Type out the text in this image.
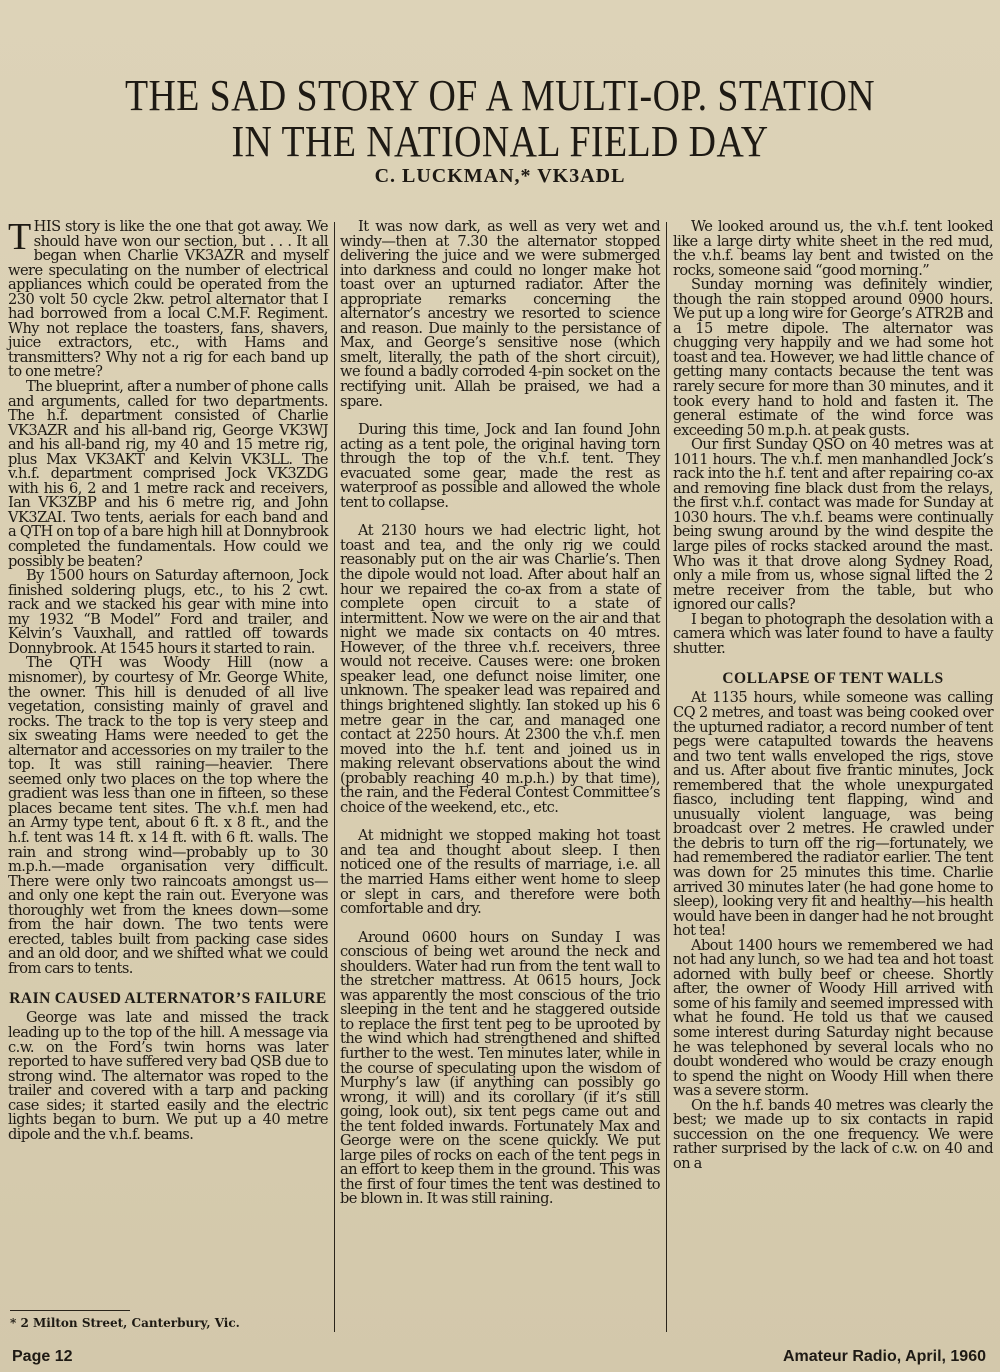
THE SAD STORY OF A MULTI-OP. STATION
IN THE NATIONAL FIELD DAY
C. LUCKMAN,* VK3ADL

THIS story is like the one that got away. We should have won our section, but . . . It all began when Charlie VK3AZR and myself were speculating on the number of electrical appliances which could be operated from the 230 volt 50 cycle 2kw. petrol alternator that I had borrowed from a local C.M.F. Regiment. Why not replace the toasters, fans, shavers, juice extractors, etc., with Hams and transmitters? Why not a rig for each band up to one metre?

The blueprint, after a number of phone calls and arguments, called for two departments. The h.f. department consisted of Charlie VK3AZR and his all-band rig, George VK3WJ and his all-band rig, my 40 and 15 metre rig, plus Max VK3AKT and Kelvin VK3LL. The v.h.f. department comprised Jock VK3ZDG with his 6, 2 and 1 metre rack and receivers, Ian VK3ZBP and his 6 metre rig, and John VK3ZAI. Two tents, aerials for each band and a QTH on top of a bare high hill at Donnybrook completed the fundamentals. How could we possibly be beaten?

By 1500 hours on Saturday afternoon, Jock finished soldering plugs, etc., to his 2 cwt. rack and we stacked his gear with mine into my 1932 “B Model” Ford and trailer, and Kelvin’s Vauxhall, and rattled off towards Donnybrook. At 1545 hours it started to rain.

The QTH was Woody Hill (now a misnomer), by courtesy of Mr. George White, the owner. This hill is denuded of all live vegetation, consisting mainly of gravel and rocks. The track to the top is very steep and six sweating Hams were needed to get the alternator and accessories on my trailer to the top. It was still raining—heavier. There seemed only two places on the top where the gradient was less than one in fifteen, so these places became tent sites. The v.h.f. men had an Army type tent, about 6 ft. x 8 ft., and the h.f. tent was 14 ft. x 14 ft. with 6 ft. walls. The rain and strong wind—probably up to 30 m.p.h.—made organisation very difficult. There were only two raincoats amongst us—and only one kept the rain out. Everyone was thoroughly wet from the knees down—some from the hair down. The two tents were erected, tables built from packing case sides and an old door, and we shifted what we could from cars to tents.

RAIN CAUSED ALTERNATOR’S FAILURE

George was late and missed the track leading up to the top of the hill. A message via c.w. on the Ford’s twin horns was later reported to have suffered very bad QSB due to strong wind. The alternator was roped to the trailer and covered with a tarp and packing case sides; it started easily and the electric lights began to burn. We put up a 40 metre dipole and the v.h.f. beams.

It was now dark, as well as very wet and windy—then at 7.30 the alternator stopped delivering the juice and we were submerged into darkness and could no longer make hot toast over an upturned radiator. After the appropriate remarks concerning the alternator’s ancestry we resorted to science and reason. Due mainly to the persistance of Max, and George’s sensitive nose (which smelt, literally, the path of the short circuit), we found a badly corroded 4-pin socket on the rectifying unit. Allah be praised, we had a spare.

During this time, Jock and Ian found John acting as a tent pole, the original having torn through the top of the v.h.f. tent. They evacuated some gear, made the rest as waterproof as possible and allowed the whole tent to collapse.

At 2130 hours we had electric light, hot toast and tea, and the only rig we could reasonably put on the air was Charlie’s. Then the dipole would not load. After about half an hour we repaired the co-ax from a state of complete open circuit to a state of intermittent. Now we were on the air and that night we made six contacts on 40 mtres. However, of the three v.h.f. receivers, three would not receive. Causes were: one broken speaker lead, one defunct noise limiter, one unknown. The speaker lead was repaired and things brightened slightly. Ian stoked up his 6 metre gear in the car, and managed one contact at 2250 hours. At 2300 the v.h.f. men moved into the h.f. tent and joined us in making relevant observations about the wind (probably reaching 40 m.p.h.) by that time), the rain, and the Federal Contest Committee’s choice of the weekend, etc., etc.

At midnight we stopped making hot toast and tea and thought about sleep. I then noticed one of the results of marriage, i.e. all the married Hams either went home to sleep or slept in cars, and therefore were both comfortable and dry.

Around 0600 hours on Sunday I was conscious of being wet around the neck and shoulders. Water had run from the tent wall to the stretcher mattress. At 0615 hours, Jock was apparently the most conscious of the trio sleeping in the tent and he staggered outside to replace the first tent peg to be uprooted by the wind which had strengthened and shifted further to the west. Ten minutes later, while in the course of speculating upon the wisdom of Murphy’s law (if anything can possibly go wrong, it will) and its corollary (if it’s still going, look out), six tent pegs came out and the tent folded inwards. Fortunately Max and George were on the scene quickly. We put large piles of rocks on each of the tent pegs in an effort to keep them in the ground. This was the first of four times the tent was destined to be blown in. It was still raining.

We looked around us, the v.h.f. tent looked like a large dirty white sheet in the red mud, the v.h.f. beams lay bent and twisted on the rocks, someone said “good morning.”

Sunday morning was definitely windier, though the rain stopped around 0900 hours. We put up a long wire for George’s ATR2B and a 15 metre dipole. The alternator was chugging very happily and we had some hot toast and tea. However, we had little chance of getting many contacts because the tent was rarely secure for more than 30 minutes, and it took every hand to hold and fasten it. The general estimate of the wind force was exceeding 50 m.p.h. at peak gusts.

Our first Sunday QSO on 40 metres was at 1011 hours. The v.h.f. men manhandled Jock’s rack into the h.f. tent and after repairing co-ax and removing fine black dust from the relays, the first v.h.f. contact was made for Sunday at 1030 hours. The v.h.f. beams were continually being swung around by the wind despite the large piles of rocks stacked around the mast. Who was it that drove along Sydney Road, only a mile from us, whose signal lifted the 2 metre receiver from the table, but who ignored our calls?

I began to photograph the desolation with a camera which was later found to have a faulty shutter.

COLLAPSE OF TENT WALLS

At 1135 hours, while someone was calling CQ 2 metres, and toast was being cooked over the upturned radiator, a record number of tent pegs were catapulted towards the heavens and two tent walls enveloped the rigs, stove and us. After about five frantic minutes, Jock remembered that the whole unexpurgated fiasco, including tent flapping, wind and unusually violent language, was being broadcast over 2 metres. He crawled under the debris to turn off the rig—fortunately, we had remembered the radiator earlier. The tent was down for 25 minutes this time. Charlie arrived 30 minutes later (he had gone home to sleep), looking very fit and healthy—his health would have been in danger had he not brought hot tea!

About 1400 hours we remembered we had not had any lunch, so we had tea and hot toast adorned with bully beef or cheese. Shortly after, the owner of Woody Hill arrived with some of his family and seemed impressed with what he found. He told us that we caused some interest during Saturday night because he was telephoned by several locals who no doubt wondered who would be crazy enough to spend the night on Woody Hill when there was a severe storm.

On the h.f. bands 40 metres was clearly the best; we made up to six contacts in rapid succession on the one frequency. We were rather surprised by the lack of c.w. on 40 and on a

* 2 Milton Street, Canterbury, Vic.
Page 12	Amateur Radio, April, 1960
